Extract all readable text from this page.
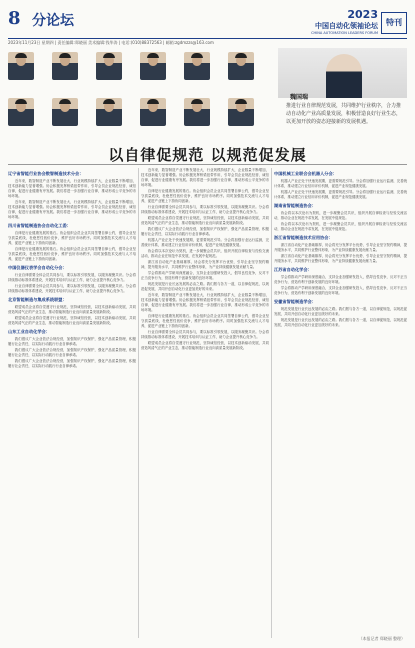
8 分论坛	2023
中国自动化领袖论坛
CHINA AUTOMATION LEADERS FORUM
特刊
2023年11月23日 星期四 | 责任编辑:郑晓丽 美术编辑:钱华涛 | 电话:(010)88372563 | 邮箱:zgdmzzs@163.com
魏国瑞
推进行业自律规范发展，共同维护行业秩序，合力推动自动化产业高质量发展，积极营造良好行业生态，以更加开放的姿态迎接新的发展机遇。
以自律促规范 以规范促发展
辽宁省智能行业协会数智制造技术分会：

近年来，数智制造产业不断发展壮大，行业规模持续扩大，企业数量不断增加，技术创新能力显著增强。协会积极发挥桥梁纽带作用，引导会员企业规范经营、诚信自律，促进行业健康有序发展。我们将进一步加强行业自律，推动形成公平竞争的市场环境。

近年来，数智制造产业不断发展壮大，行业规模持续扩大，企业数量不断增加，技术创新能力显著增强。协会积极发挥桥梁纽带作用，引导会员企业规范经营、诚信自律，促进行业健康有序发展。我们将进一步加强行业自律，推动形成公平竞争的市场环境。

四川省智能制造协会自动化工委：

自律是行业健康发展的基石。协会组织会员企业共同签署自律公约，倡导企业坚守质量底线，杜绝恶性低价竞争，维护良好市场秩序。同时加强技术交流与人才培养，促进产业链上下游协同创新。

自律是行业健康发展的基石。协会组织会员企业共同签署自律公约，倡导企业坚守质量底线，杜绝恶性低价竞争，维护良好市场秩序。同时加强技术交流与人才培养，促进产业链上下游协同创新。

中国仪器仪表学会自动化分会：

行业自律需要全体会员共同参与，要以标准引领发展，以服务凝聚共识。分会将持续推动标准体系建设，开展技术培训与认证工作，助力企业提升核心竞争力。

行业自律需要全体会员共同参与，要以标准引领发展，以服务凝聚共识。分会将持续推动标准体系建设，开展技术培训与认证工作，助力企业提升核心竞争力。

北京智能制造与集成系统联盟：

联盟成员企业将自觉遵守行业规范，坚持诚信经营，以技术创新驱动发展，共同营造风清气正的产业生态，推动智能制造行业迈向高质量发展新阶段。

联盟成员企业将自觉遵守行业规范，坚持诚信经营，以技术创新驱动发展，共同营造风清气正的产业生态，推动智能制造行业迈向高质量发展新阶段。

山东工业自动化学会：

我们倡议广大企业依法合规经营，加强知识产权保护，强化产品质量管理，积极履行社会责任，以实际行动践行行业自律承诺。

我们倡议广大企业依法合规经营，加强知识产权保护，强化产品质量管理，积极履行社会责任，以实际行动践行行业自律承诺。

我们倡议广大企业依法合规经营，加强知识产权保护，强化产品质量管理，积极履行社会责任，以实际行动践行行业自律承诺。

近年来，数智制造产业不断发展壮大，行业规模持续扩大，企业数量不断增加，技术创新能力显著增强。协会积极发挥桥梁纽带作用，引导会员企业规范经营、诚信自律，促进行业健康有序发展。我们将进一步加强行业自律，推动形成公平竞争的市场环境。

自律是行业健康发展的基石。协会组织会员企业共同签署自律公约，倡导企业坚守质量底线，杜绝恶性低价竞争，维护良好市场秩序。同时加强技术交流与人才培养，促进产业链上下游协同创新。

行业自律需要全体会员共同参与，要以标准引领发展，以服务凝聚共识。分会将持续推动标准体系建设，开展技术培训与认证工作，助力企业提升核心竞争力。

联盟成员企业将自觉遵守行业规范，坚持诚信经营，以技术创新驱动发展，共同营造风清气正的产业生态，推动智能制造行业迈向高质量发展新阶段。

我们倡议广大企业依法合规经营，加强知识产权保护，强化产品质量管理，积极履行社会责任，以实际行动践行行业自律承诺。

机器人产业正处于快速发展期，更需要规范引导。分会将加强行业运行监测，完善统计体系，推动建立行业信用评价机制，促进产业规范健康发展。

协会将以本次论坛为契机，进一步凝聚会员共识，组织开展自律检查与经验交流活动，推动企业在规范中求发展，在发展中促规范。

浙江省自动化产业基础雄厚，协会将充分发挥平台优势，引导企业坚守契约精神，提升服务水平，共同维护行业整体形象，为产业持续健康发展贡献力量。

学会将推动产学研用深度融合，支持企业加强研发投入，倡导良性竞争，反对不正当竞争行为，营造有利于创新发展的良好环境。

规范发展是行业长远发展的必由之路。我们愿与各方一道，以自律促规范，以规范促发展，共同开创自动化行业更加美好的未来。

近年来，数智制造产业不断发展壮大，行业规模持续扩大，企业数量不断增加，技术创新能力显著增强。协会积极发挥桥梁纽带作用，引导会员企业规范经营、诚信自律，促进行业健康有序发展。我们将进一步加强行业自律，推动形成公平竞争的市场环境。

自律是行业健康发展的基石。协会组织会员企业共同签署自律公约，倡导企业坚守质量底线，杜绝恶性低价竞争，维护良好市场秩序。同时加强技术交流与人才培养，促进产业链上下游协同创新。

行业自律需要全体会员共同参与，要以标准引领发展，以服务凝聚共识。分会将持续推动标准体系建设，开展技术培训与认证工作，助力企业提升核心竞争力。

联盟成员企业将自觉遵守行业规范，坚持诚信经营，以技术创新驱动发展，共同营造风清气正的产业生态，推动智能制造行业迈向高质量发展新阶段。

中国机械工业联合会机器人分会：

机器人产业正处于快速发展期，更需要规范引导。分会将加强行业运行监测，完善统计体系，推动建立行业信用评价机制，促进产业规范健康发展。

机器人产业正处于快速发展期，更需要规范引导。分会将加强行业运行监测，完善统计体系，推动建立行业信用评价机制，促进产业规范健康发展。

湖南省智能制造协会：

协会将以本次论坛为契机，进一步凝聚会员共识，组织开展自律检查与经验交流活动，推动企业在规范中求发展，在发展中促规范。

协会将以本次论坛为契机，进一步凝聚会员共识，组织开展自律检查与经验交流活动，推动企业在规范中求发展，在发展中促规范。

浙江省智能制造技术应用协会：

浙江省自动化产业基础雄厚，协会将充分发挥平台优势，引导企业坚守契约精神，提升服务水平，共同维护行业整体形象，为产业持续健康发展贡献力量。

浙江省自动化产业基础雄厚，协会将充分发挥平台优势，引导企业坚守契约精神，提升服务水平，共同维护行业整体形象，为产业持续健康发展贡献力量。

江苏省自动化学会：

学会将推动产学研用深度融合，支持企业加强研发投入，倡导良性竞争，反对不正当竞争行为，营造有利于创新发展的良好环境。

学会将推动产学研用深度融合，支持企业加强研发投入，倡导良性竞争，反对不正当竞争行为，营造有利于创新发展的良好环境。

安徽省智能制造学会：

规范发展是行业长远发展的必由之路。我们愿与各方一道，以自律促规范，以规范促发展，共同开创自动化行业更加美好的未来。

规范发展是行业长远发展的必由之路。我们愿与各方一道，以自律促规范，以规范促发展，共同开创自动化行业更加美好的未来。

（本报记者 郑晓丽 整理）
